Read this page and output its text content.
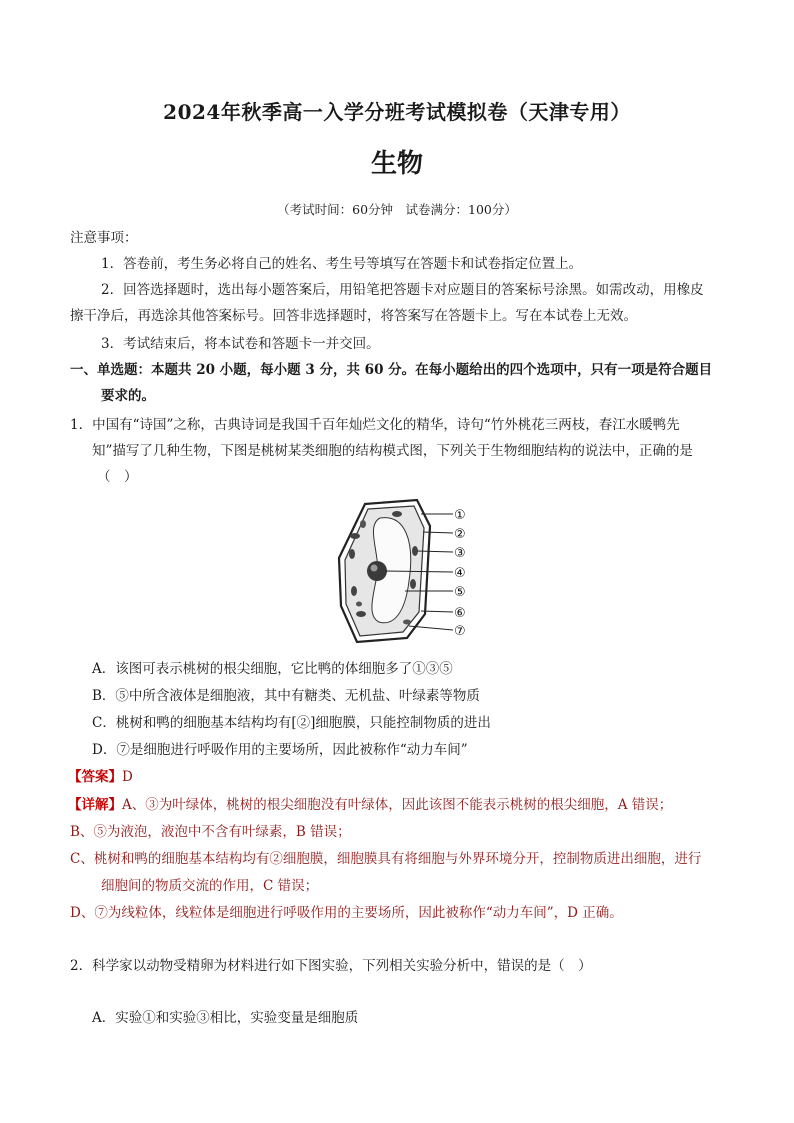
2024年秋季高一入学分班考试模拟卷（天津专用）
生物
（考试时间：60分钟　试卷满分：100分）
注意事项：
1．答卷前，考生务必将自己的姓名、考生号等填写在答题卡和试卷指定位置上。
2．回答选择题时，选出每小题答案后，用铅笔把答题卡对应题目的答案标号涂黑。如需改动，用橡皮
擦干净后，再选涂其他答案标号。回答非选择题时，将答案写在答题卡上。写在本试卷上无效。
3．考试结束后，将本试卷和答题卡一并交回。
一、单选题：本题共 20 小题，每小题 3 分，共 60 分。在每小题给出的四个选项中，只有一项是符合题目
要求的。
1．中国有“诗国”之称，古典诗词是我国千百年灿烂文化的精华，诗句“竹外桃花三两枝，春江水暖鸭先
知”描写了几种生物，下图是桃树某类细胞的结构模式图，下列关于生物细胞结构的说法中，正确的是
（　）
①
②
③
④
⑤
⑥
⑦
A．该图可表示桃树的根尖细胞，它比鸭的体细胞多了①③⑤
B．⑤中所含液体是细胞液，其中有糖类、无机盐、叶绿素等物质
C．桃树和鸭的细胞基本结构均有[②]细胞膜，只能控制物质的进出
D．⑦是细胞进行呼吸作用的主要场所，因此被称作“动力车间”
【答案】D
【详解】A、③为叶绿体，桃树的根尖细胞没有叶绿体，因此该图不能表示桃树的根尖细胞，A 错误；
B、⑤为液泡，液泡中不含有叶绿素，B 错误；
C、桃树和鸭的细胞基本结构均有②细胞膜，细胞膜具有将细胞与外界环境分开，控制物质进出细胞，进行
细胞间的物质交流的作用，C 错误；
D、⑦为线粒体，线粒体是细胞进行呼吸作用的主要场所，因此被称作“动力车间”，D 正确。
2．科学家以动物受精卵为材料进行如下图实验，下列相关实验分析中，错误的是（　）
A．实验①和实验③相比，实验变量是细胞质
